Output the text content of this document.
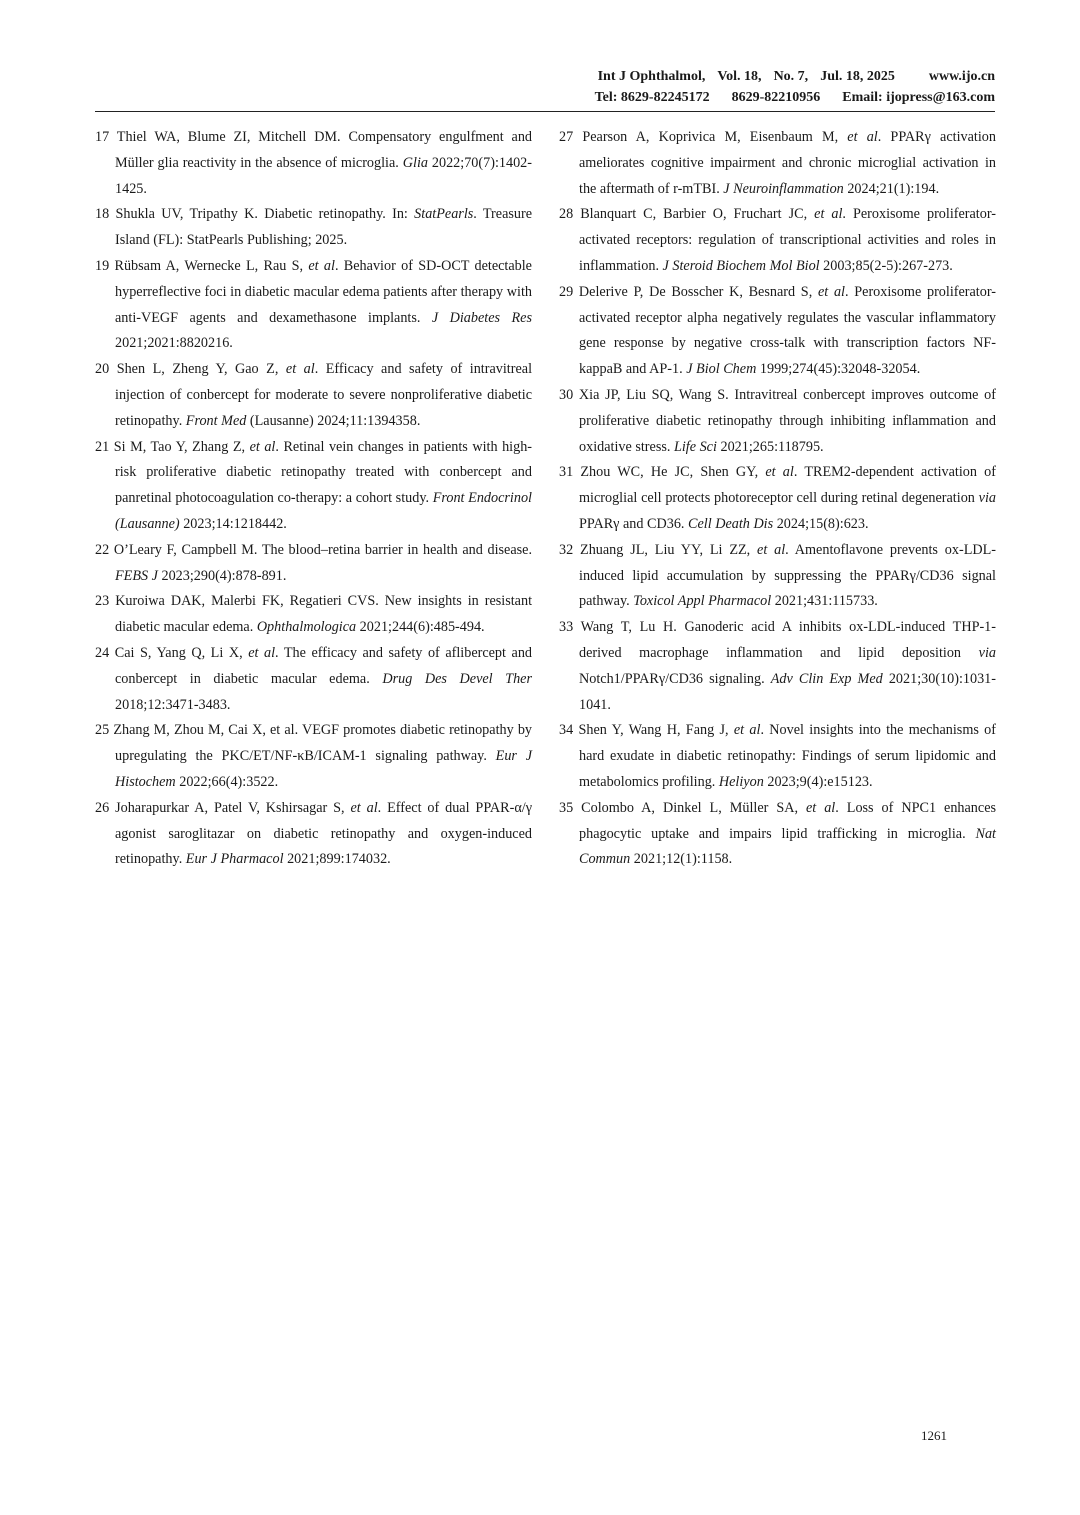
Int J Ophthalmol, Vol. 18, No. 7, Jul. 18, 2025 www.ijo.cn
Tel: 8629-82245172 8629-82210956 Email: ijopress@163.com

17 Thiel WA, Blume ZI, Mitchell DM. Compensatory engulfment and Müller glia reactivity in the absence of microglia. Glia 2022;70(7):1402-1425.

18 Shukla UV, Tripathy K. Diabetic retinopathy. In: StatPearls. Treasure Island (FL): StatPearls Publishing; 2025.

19 Rübsam A, Wernecke L, Rau S, et al. Behavior of SD-OCT detectable hyperreflective foci in diabetic macular edema patients after therapy with anti-VEGF agents and dexamethasone implants. J Diabetes Res 2021;2021:8820216.

20 Shen L, Zheng Y, Gao Z, et al. Efficacy and safety of intravitreal injection of conbercept for moderate to severe nonproliferative diabetic retinopathy. Front Med (Lausanne) 2024;11:1394358.

21 Si M, Tao Y, Zhang Z, et al. Retinal vein changes in patients with high-risk proliferative diabetic retinopathy treated with conbercept and panretinal photocoagulation co-therapy: a cohort study. Front Endocrinol (Lausanne) 2023;14:1218442.

22 O’Leary F, Campbell M. The blood–retina barrier in health and disease. FEBS J 2023;290(4):878-891.

23 Kuroiwa DAK, Malerbi FK, Regatieri CVS. New insights in resistant diabetic macular edema. Ophthalmologica 2021;244(6):485-494.

24 Cai S, Yang Q, Li X, et al. The efficacy and safety of aflibercept and conbercept in diabetic macular edema. Drug Des Devel Ther 2018;12:3471-3483.

25 Zhang M, Zhou M, Cai X, et al. VEGF promotes diabetic retinopathy by upregulating the PKC/ET/NF-κB/ICAM-1 signaling pathway. Eur J Histochem 2022;66(4):3522.

26 Joharapurkar A, Patel V, Kshirsagar S, et al. Effect of dual PPAR-α/γ agonist saroglitazar on diabetic retinopathy and oxygen-induced retinopathy. Eur J Pharmacol 2021;899:174032.

27 Pearson A, Koprivica M, Eisenbaum M, et al. PPARγ activation ameliorates cognitive impairment and chronic microglial activation in the aftermath of r-mTBI. J Neuroinflammation 2024;21(1):194.

28 Blanquart C, Barbier O, Fruchart JC, et al. Peroxisome proliferator-activated receptors: regulation of transcriptional activities and roles in inflammation. J Steroid Biochem Mol Biol 2003;85(2-5):267-273.

29 Delerive P, De Bosscher K, Besnard S, et al. Peroxisome proliferator-activated receptor alpha negatively regulates the vascular inflammatory gene response by negative cross-talk with transcription factors NF-kappaB and AP-1. J Biol Chem 1999;274(45):32048-32054.

30 Xia JP, Liu SQ, Wang S. Intravitreal conbercept improves outcome of proliferative diabetic retinopathy through inhibiting inflammation and oxidative stress. Life Sci 2021;265:118795.

31 Zhou WC, He JC, Shen GY, et al. TREM2-dependent activation of microglial cell protects photoreceptor cell during retinal degeneration via PPARγ and CD36. Cell Death Dis 2024;15(8):623.

32 Zhuang JL, Liu YY, Li ZZ, et al. Amentoflavone prevents ox-LDL-induced lipid accumulation by suppressing the PPARγ/CD36 signal pathway. Toxicol Appl Pharmacol 2021;431:115733.

33 Wang T, Lu H. Ganoderic acid A inhibits ox-LDL-induced THP-1-derived macrophage inflammation and lipid deposition via Notch1/PPARγ/CD36 signaling. Adv Clin Exp Med 2021;30(10):1031-1041.

34 Shen Y, Wang H, Fang J, et al. Novel insights into the mechanisms of hard exudate in diabetic retinopathy: Findings of serum lipidomic and metabolomics profiling. Heliyon 2023;9(4):e15123.

35 Colombo A, Dinkel L, Müller SA, et al. Loss of NPC1 enhances phagocytic uptake and impairs lipid trafficking in microglia. Nat Commun 2021;12(1):1158.

1261
